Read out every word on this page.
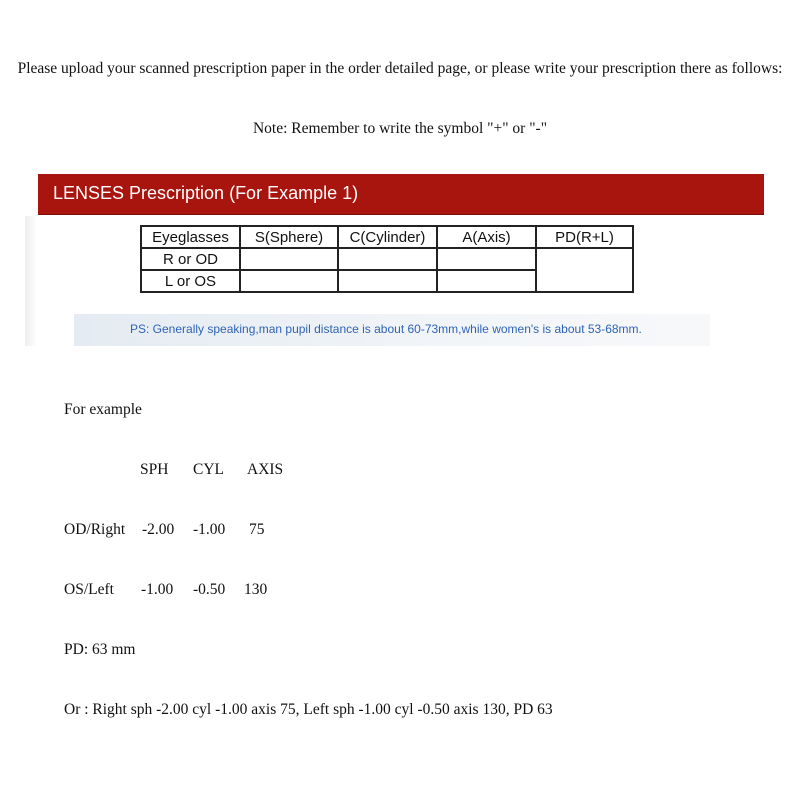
Please upload your scanned prescription paper in the order detailed page, or please write your prescription there as follows:
Note: Remember to write the symbol "+" or "-"
LENSES Prescription (For Example 1)
Eyeglasses	S(Sphere)	C(Cylinder)	A(Axis)	PD(R+L)
R or OD				
L or OS				
PS: Generally speaking,man pupil distance is about 60-73mm,while women's is about 53-68mm.
For example
SPH CYL AXIS
OD/Right -2.00 -1.00 75
OS/Left -1.00 -0.50 130
PD: 63 mm
Or : Right sph -2.00 cyl -1.00 axis 75, Left sph -1.00 cyl -0.50 axis 130, PD 63
